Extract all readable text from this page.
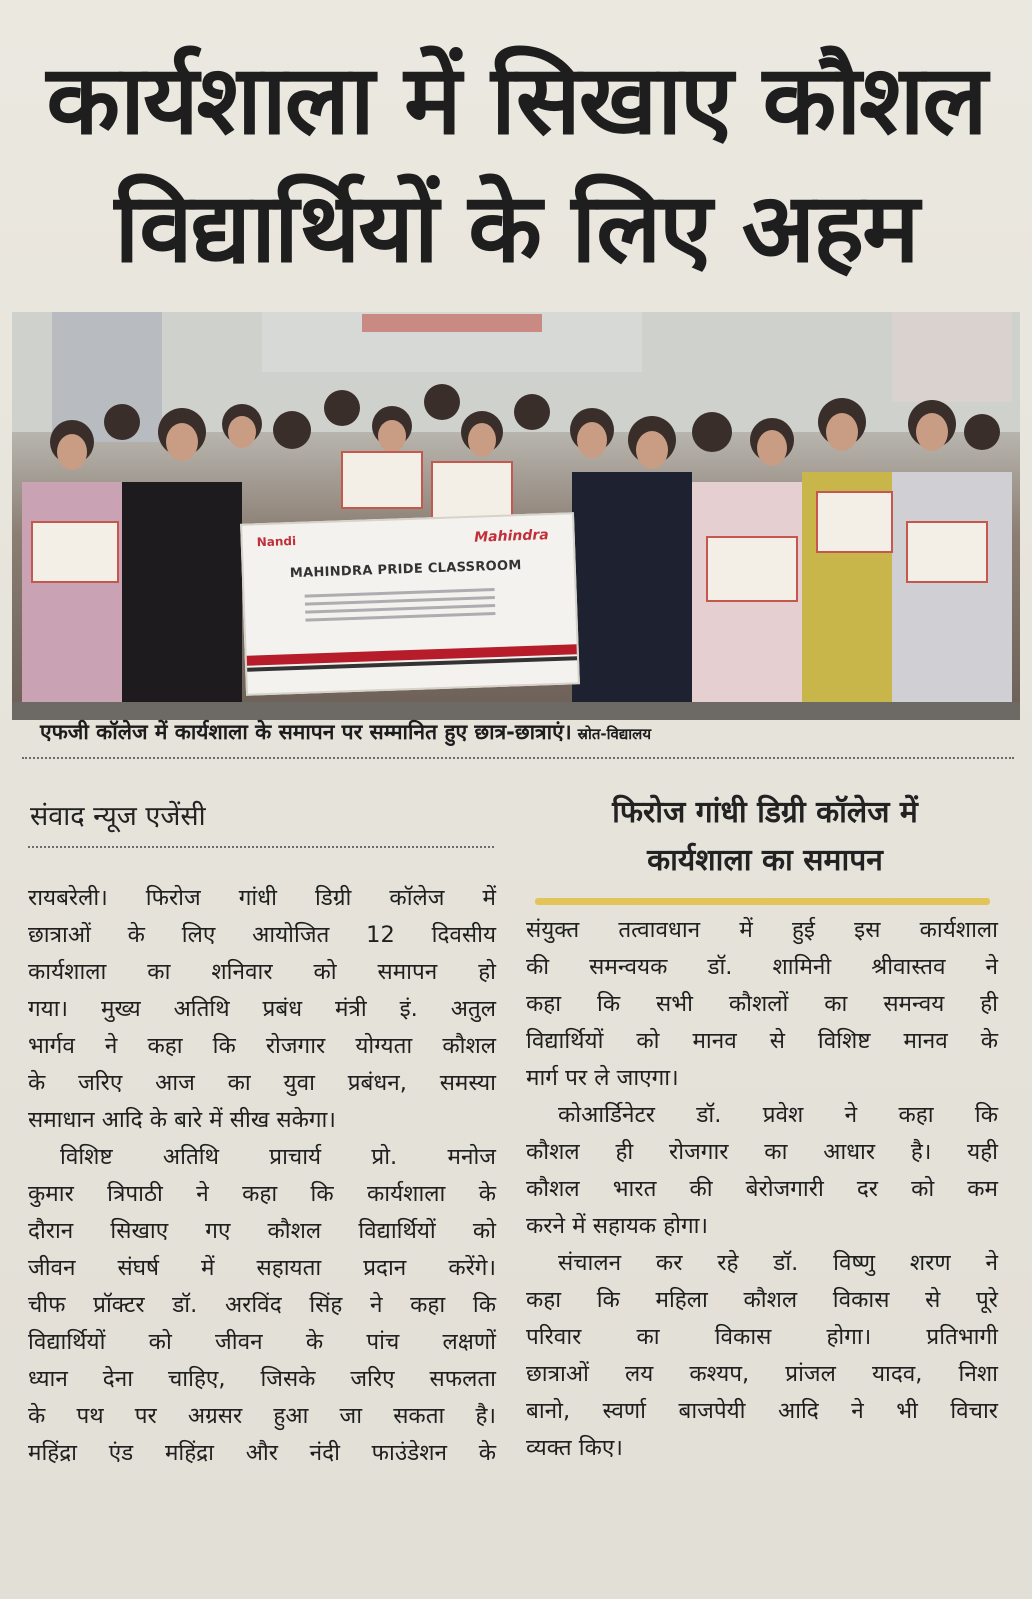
कार्यशाला में सिखाए कौशल
विद्यार्थियों के लिए अहम
Nandi	Mahindra
MAHINDRA PRIDE CLASSROOM
एफजी कॉलेज में कार्यशाला के समापन पर सम्मानित हुए छात्र-छात्राएं। स्रोत-विद्यालय
संवाद न्यूज एजेंसी	फिरोज गांधी डिग्री कॉलेज में
कार्यशाला का समापन

रायबरेली। फिरोज गांधी डिग्री कॉलेज में

छात्राओं के लिए आयोजित 12 दिवसीय

कार्यशाला का शनिवार को समापन हो

गया। मुख्य अतिथि प्रबंध मंत्री इं. अतुल

भार्गव ने कहा कि रोजगार योग्यता कौशल

के जरिए आज का युवा प्रबंधन, समस्या

समाधान आदि के बारे में सीख सकेगा।

विशिष्ट अतिथि प्राचार्य प्रो. मनोज

कुमार त्रिपाठी ने कहा कि कार्यशाला के

दौरान सिखाए गए कौशल विद्यार्थियों को

जीवन संघर्ष में सहायता प्रदान करेंगे।

चीफ प्रॉक्टर डॉ. अरविंद सिंह ने कहा कि

विद्यार्थियों को जीवन के पांच लक्षणों

ध्यान देना चाहिए, जिसके जरिए सफलता

के पथ पर अग्रसर हुआ जा सकता है।

महिंद्रा एंड महिंद्रा और नंदी फाउंडेशन के

संयुक्त तत्वावधान में हुई इस कार्यशाला

की समन्वयक डॉ. शामिनी श्रीवास्तव ने

कहा कि सभी कौशलों का समन्वय ही

विद्यार्थियों को मानव से विशिष्ट मानव के

मार्ग पर ले जाएगा।

कोआर्डिनेटर डॉ. प्रवेश ने कहा कि

कौशल ही रोजगार का आधार है। यही

कौशल भारत की बेरोजगारी दर को कम

करने में सहायक होगा।

संचालन कर रहे डॉ. विष्णु शरण ने

कहा कि महिला कौशल विकास से पूरे

परिवार का विकास होगा। प्रतिभागी

छात्राओं लय कश्यप, प्रांजल यादव, निशा

बानो, स्वर्णा बाजपेयी आदि ने भी विचार

व्यक्त किए।
